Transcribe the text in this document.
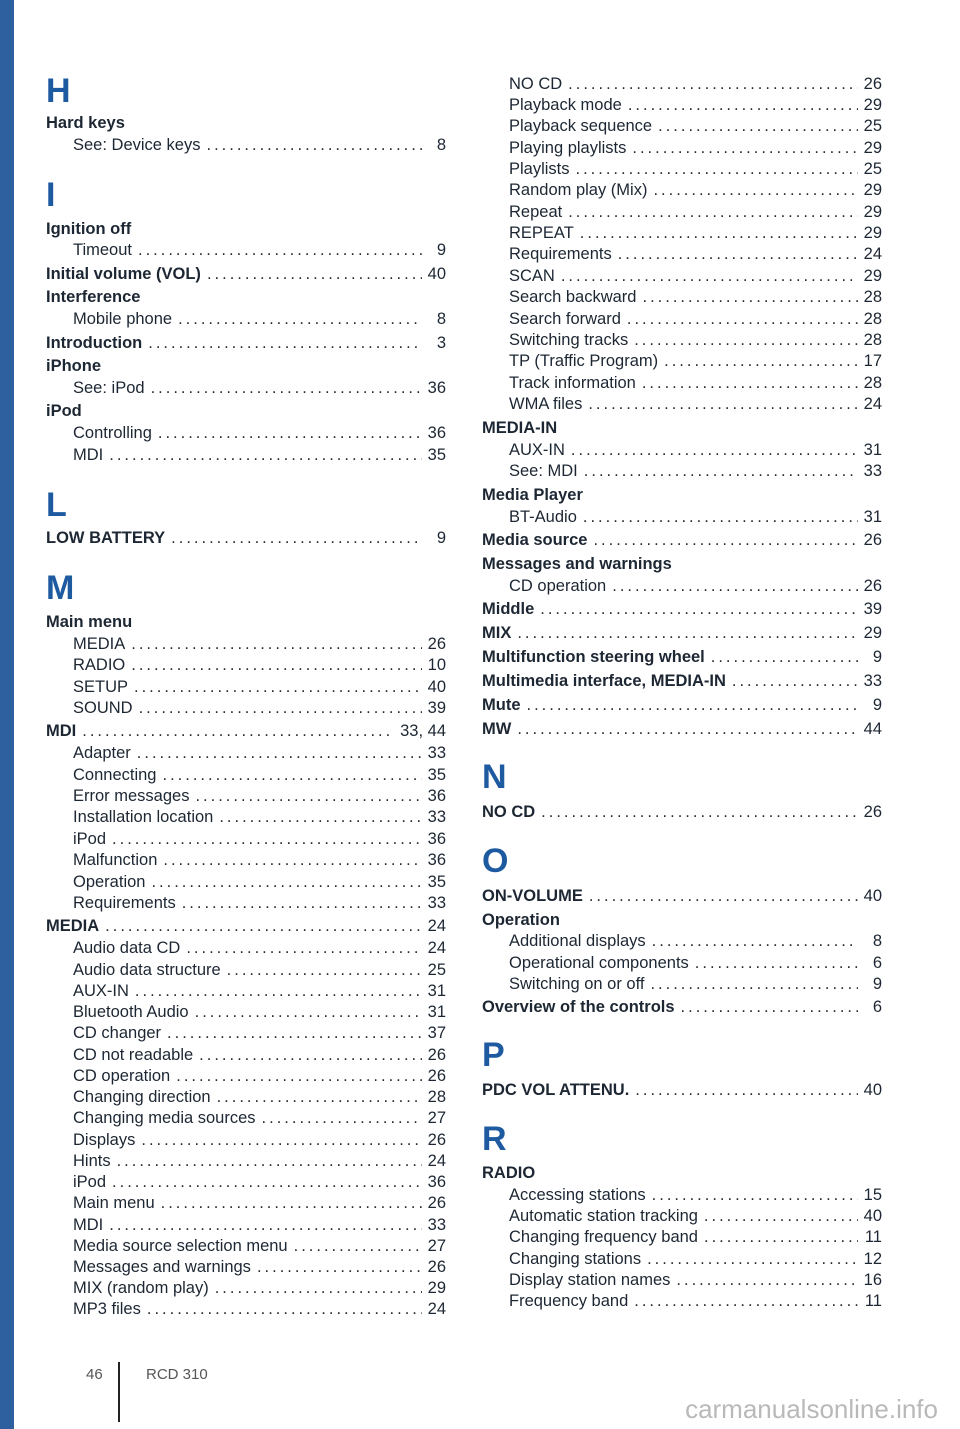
H
Hard keys
See: Device keys .....	8
I
Ignition off
Timeout .....	9
Initial volume (VOL) .....	40
Interference
Mobile phone .....	8
Introduction .....	3
iPhone
See: iPod .....	36
iPod
Controlling .....	36
MDI .....	35
L
LOW BATTERY .....	9
M
Main menu
MEDIA .....	26
RADIO .....	10
SETUP .....	40
SOUND .....	39
MDI .....	33, 44
Adapter .....	33
Connecting .....	35
Error messages .....	36
Installation location .....	33
iPod .....	36
Malfunction .....	36
Operation .....	35
Requirements .....	33
MEDIA .....	24
Audio data CD .....	24
Audio data structure .....	25
AUX-IN .....	31
Bluetooth Audio .....	31
CD changer .....	37
CD not readable .....	26
CD operation .....	26
Changing direction .....	28
Changing media sources .....	27
Displays .....	26
Hints .....	24
iPod .....	36
Main menu .....	26
MDI .....	33
Media source selection menu .....	27
Messages and warnings .....	26
MIX (random play) .....	29
MP3 files .....	24
NO CD .....	26
Playback mode .....	29
Playback sequence .....	25
Playing playlists .....	29
Playlists .....	25
Random play (Mix) .....	29
Repeat .....	29
REPEAT .....	29
Requirements .....	24
SCAN .....	29
Search backward .....	28
Search forward .....	28
Switching tracks .....	28
TP (Traffic Program) .....	17
Track information .....	28
WMA files .....	24
MEDIA-IN
AUX-IN .....	31
See: MDI .....	33
Media Player
BT-Audio .....	31
Media source .....	26
Messages and warnings
CD operation .....	26
Middle .....	39
MIX .....	29
Multifunction steering wheel .....	9
Multimedia interface, MEDIA-IN .....	33
Mute .....	9
MW .....	44
N
NO CD .....	26
O
ON-VOLUME .....	40
Operation
Additional displays .....	8
Operational components .....	6
Switching on or off .....	9
Overview of the controls .....	6
P
PDC VOL ATTENU. .....	40
R
RADIO
Accessing stations .....	15
Automatic station tracking .....	40
Changing frequency band .....	11
Changing stations .....	12
Display station names .....	16
Frequency band .....	11
46	RCD 310
carmanualsonline.info
